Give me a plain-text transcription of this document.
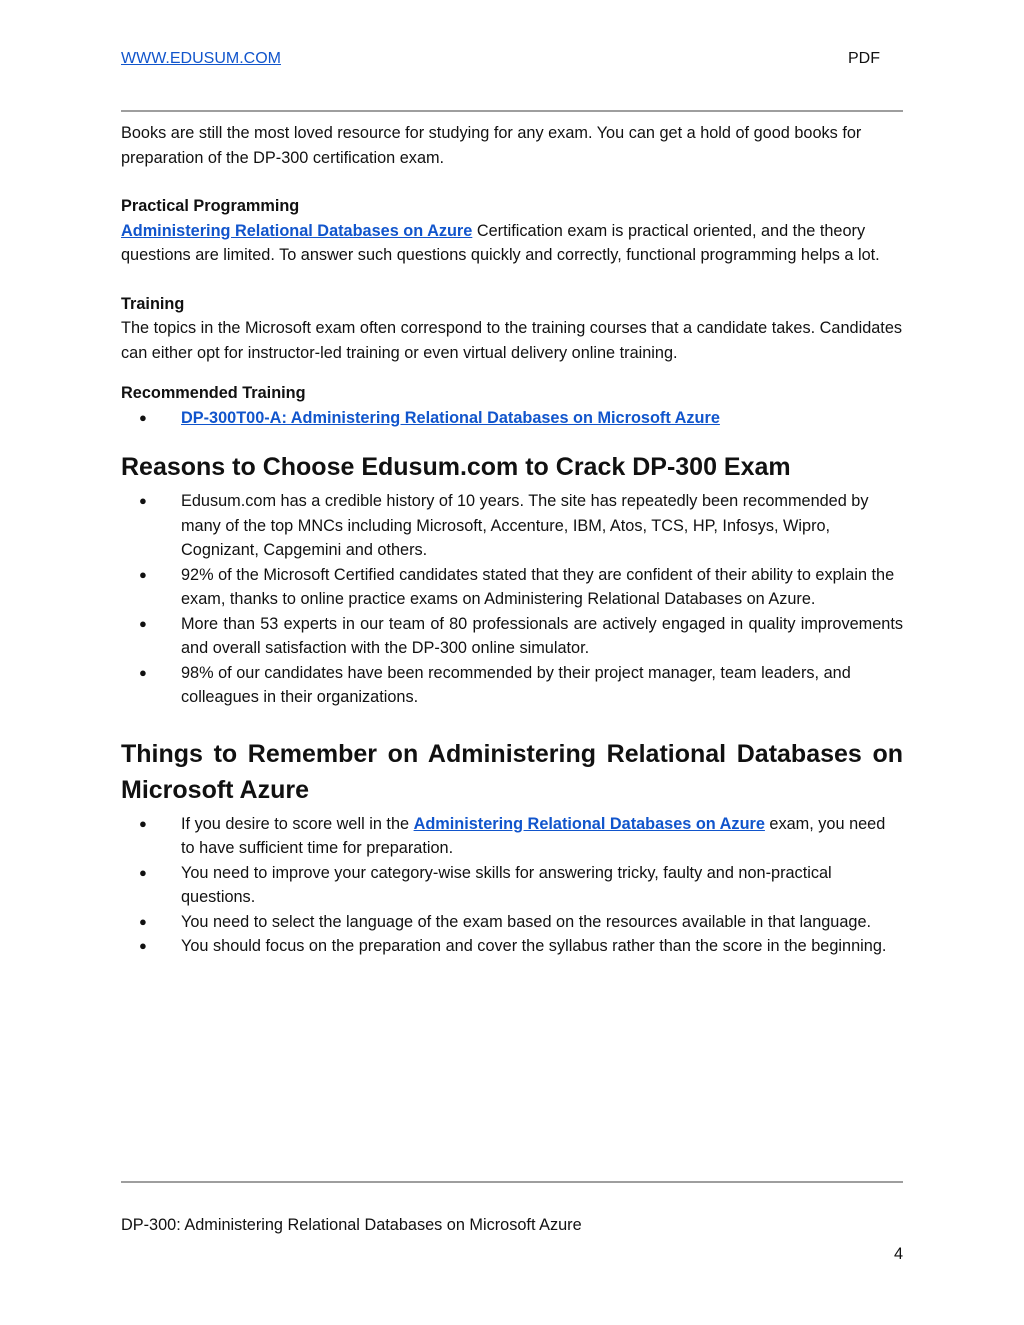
WWW.EDUSUM.COM	PDF

Books are still the most loved resource for studying for any exam. You can get a hold of good books for preparation of the DP-300 certification exam.

Practical Programming

Administering Relational Databases on Azure Certification exam is practical oriented, and the theory questions are limited. To answer such questions quickly and correctly, functional programming helps a lot.

Training

The topics in the Microsoft exam often correspond to the training courses that a candidate takes. Candidates can either opt for instructor-led training or even virtual delivery online training.

Recommended Training

● DP-300T00-A: Administering Relational Databases on Microsoft Azure
Reasons to Choose Edusum.com to Crack DP-300 Exam
● Edusum.com has a credible history of 10 years. The site has repeatedly been recommended by many of the top MNCs including Microsoft, Accenture, IBM, Atos, TCS, HP, Infosys, Wipro, Cognizant, Capgemini and others.
● 92% of the Microsoft Certified candidates stated that they are confident of their ability to explain the exam, thanks to online practice exams on Administering Relational Databases on Azure.
● More than 53 experts in our team of 80 professionals are actively engaged in quality improvements and overall satisfaction with the DP-300 online simulator.
● 98% of our candidates have been recommended by their project manager, team leaders, and colleagues in their organizations.
Things to Remember on Administering Relational Databases on Microsoft Azure
● If you desire to score well in the Administering Relational Databases on Azure exam, you need to have sufficient time for preparation.
● You need to improve your category-wise skills for answering tricky, faulty and non-practical questions.
● You need to select the language of the exam based on the resources available in that language.
● You should focus on the preparation and cover the syllabus rather than the score in the beginning.
DP-300: Administering Relational Databases on Microsoft Azure
4
